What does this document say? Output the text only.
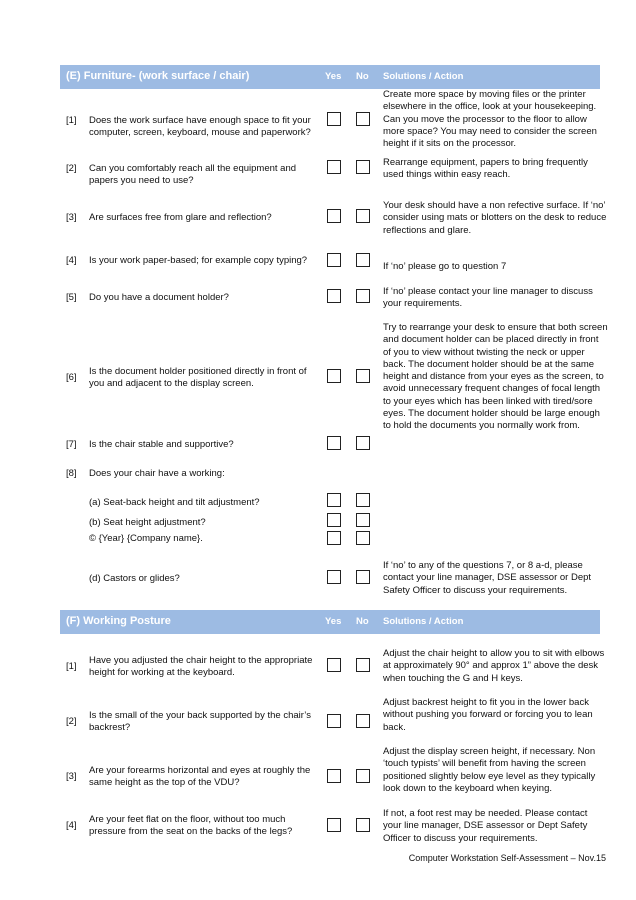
(E) Furniture- (work surface / chair)	Yes No Solutions / Action
[1] Does the work surface have enough space to fit your computer, screen, keyboard, mouse and paperwork?
Create more space by moving files or the printer elsewhere in the office, look at your housekeeping. Can you move the processor to the floor to allow more space? You may need to consider the screen height if it sits on the processor.
[2] Can you comfortably reach all the equipment and papers you need to use?
Rearrange equipment, papers to bring frequently used things within easy reach.
[3] Are surfaces free from glare and reflection?
Your desk should have a non refective surface. If ‘no’ consider using mats or blotters on the desk to reduce reflections and glare.
[4] Is your work paper-based; for example copy typing?
If ‘no’ please go to question 7
[5] Do you have a document holder?
If ‘no’ please contact your line manager to discuss your requirements.
[6]
Is the document holder positioned directly in front of you and adjacent to the display screen.
Try to rearrange your desk to ensure that both screen and document holder can be placed directly in front of you to view without twisting the neck or upper back. The document holder should be at the same height and distance from your eyes as the screen, to avoid unnecessary frequent changes of focal length to your eyes which has been linked with tired/sore eyes. The document holder should be large enough to hold the documents you normally work from.
[7] Is the chair stable and supportive?
[8] Does your chair have a working:
(a) Seat-back height and tilt adjustment?
(b) Seat height adjustment?
© {Year} {Company name}.
(d) Castors or glides?
If ‘no’ to any of the questions 7, or 8 a-d, please contact your line manager, DSE assessor or Dept Safety Officer to discuss your requirements.
(F) Working Posture	Yes No Solutions / Action
[1]
Have you adjusted the chair height to the appropriate height for working at the keyboard.
Adjust the chair height to allow you to sit with elbows at approximately 90° and approx 1” above the desk when touching the G and H keys.
[2]
Is the small of the your back supported by the chair’s backrest?
Adjust backrest height to fit you in the lower back without pushing you forward or forcing you to lean back.
[3]
Are your forearms horizontal and eyes at roughly the same height as the top of the VDU?
Adjust the display screen height, if necessary. Non ‘touch typists’ will benefit from having the screen positioned slightly below eye level as they typically look down to the keyboard when keying.
[4]
Are your feet flat on the floor, without too much pressure from the seat on the backs of the legs?
If not, a foot rest may be needed. Please contact your line manager, DSE assessor or Dept Safety Officer to discuss your requirements.
Computer Workstation Self-Assessment – Nov.15
